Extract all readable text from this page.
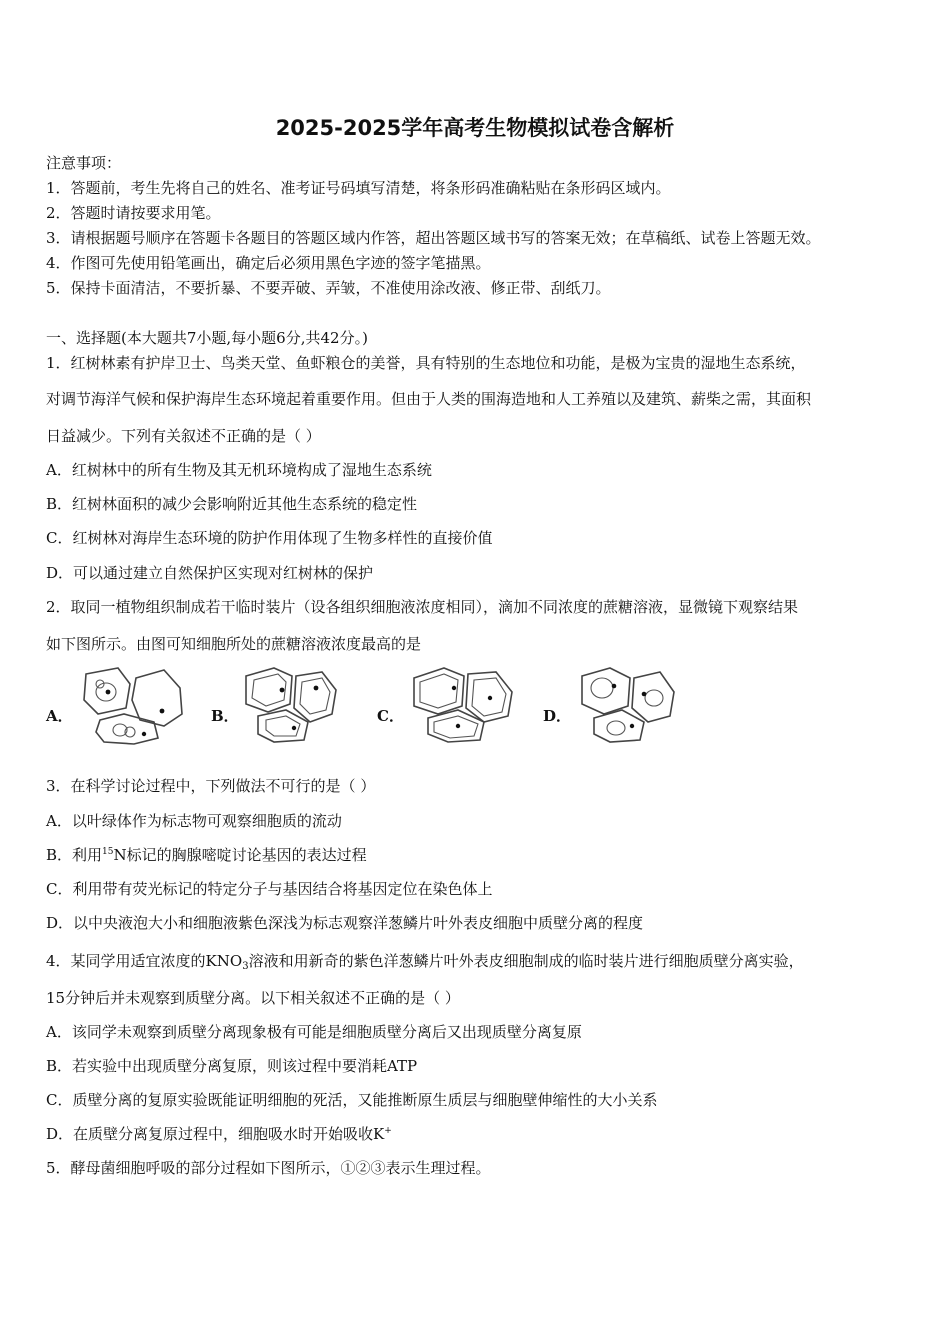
2025-2025学年高考生物模拟试卷含解析
注意事项：
1．答题前，考生先将自己的姓名、准考证号码填写清楚，将条形码准确粘贴在条形码区域内。
2．答题时请按要求用笔。
3．请根据题号顺序在答题卡各题目的答题区域内作答，超出答题区域书写的答案无效；在草稿纸、试卷上答题无效。
4．作图可先使用铅笔画出，确定后必须用黑色字迹的签字笔描黑。
5．保持卡面清洁，不要折暴、不要弄破、弄皱，不准使用涂改液、修正带、刮纸刀。
一、选择题(本大题共7小题,每小题6分,共42分。)
1．红树林素有护岸卫士、鸟类天堂、鱼虾粮仓的美誉，具有特别的生态地位和功能，是极为宝贵的湿地生态系统，
对调节海洋气候和保护海岸生态环境起着重要作用。但由于人类的围海造地和人工养殖以及建筑、薪柴之需，其面积
日益减少。下列有关叙述不正确的是（ ）
A．红树林中的所有生物及其无机环境构成了湿地生态系统
B．红树林面积的减少会影响附近其他生态系统的稳定性
C．红树林对海岸生态环境的防护作用体现了生物多样性的直接价值
D．可以通过建立自然保护区实现对红树林的保护
2．取同一植物组织制成若干临时装片（设各组织细胞液浓度相同），滴加不同浓度的蔗糖溶液，显微镜下观察结果
如下图所示。由图可知细胞所处的蔗糖溶液浓度最高的是
A．	B．	C．	D．
3．在科学讨论过程中，下列做法不可行的是（ ）
A．以叶绿体作为标志物可观察细胞质的流动
B．利用$^{15}$N标记的胸腺嘧啶讨论基因的表达过程
C．利用带有荧光标记的特定分子与基因结合将基因定位在染色体上
D．以中央液泡大小和细胞液紫色深浅为标志观察洋葱鳞片叶外表皮细胞中质壁分离的程度
4．某同学用适宜浓度的$KNO_3$溶液和用新奇的紫色洋葱鳞片叶外表皮细胞制成的临时装片进行细胞质壁分离实验，
15分钟后并未观察到质壁分离。以下相关叙述不正确的是（ ）
A．该同学未观察到质壁分离现象极有可能是细胞质壁分离后又出现质壁分离复原
B．若实验中出现质壁分离复原，则该过程中要消耗ATP
C．质壁分离的复原实验既能证明细胞的死活，又能推断原生质层与细胞壁伸缩性的大小关系
D．在质壁分离复原过程中，细胞吸水时开始吸收K+
5．酵母菌细胞呼吸的部分过程如下图所示，①②③表示生理过程。
